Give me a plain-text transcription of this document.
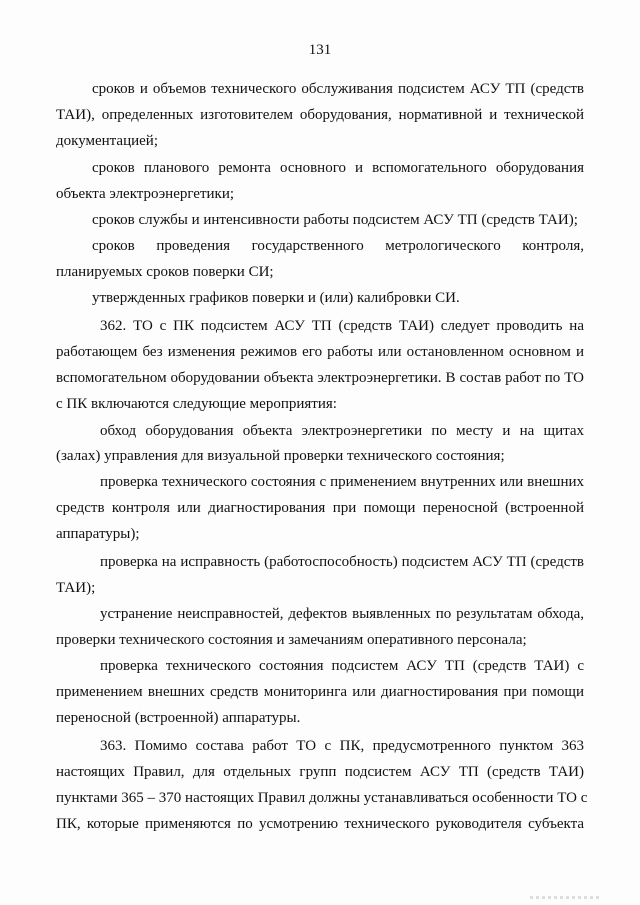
131
сроков и объемов технического обслуживания подсистем АСУ ТП (средств
ТАИ), определенных изготовителем оборудования, нормативной и технической
документацией;
сроков планового ремонта основного и вспомогательного оборудования
объекта электроэнергетики;
сроков службы и интенсивности работы подсистем АСУ ТП (средств ТАИ);
сроков проведения государственного метрологического контроля,
планируемых сроков поверки СИ;
утвержденных графиков поверки и (или) калибровки СИ.
362. ТО с ПК подсистем АСУ ТП (средств ТАИ) следует проводить на
работающем без изменения режимов его работы или остановленном основном и
вспомогательном оборудовании объекта электроэнергетики. В состав работ по ТО
с ПК включаются следующие мероприятия:
обход оборудования объекта электроэнергетики по месту и на щитах
(залах) управления для визуальной проверки технического состояния;
проверка технического состояния с применением внутренних или внешних
средств контроля или диагностирования при помощи переносной (встроенной
аппаратуры);
проверка на исправность (работоспособность) подсистем АСУ ТП (средств
ТАИ);
устранение неисправностей, дефектов выявленных по результатам обхода,
проверки технического состояния и замечаниям оперативного персонала;
проверка технического состояния подсистем АСУ ТП (средств ТАИ) с
применением внешних средств мониторинга или диагностирования при помощи
переносной (встроенной) аппаратуры.
363. Помимо состава работ ТО с ПК, предусмотренного пунктом 363
настоящих Правил, для отдельных групп подсистем АСУ ТП (средств ТАИ)
пунктами 365 – 370 настоящих Правил должны устанавливаться особенности ТО с
ПК, которые применяются по усмотрению технического руководителя субъекта
